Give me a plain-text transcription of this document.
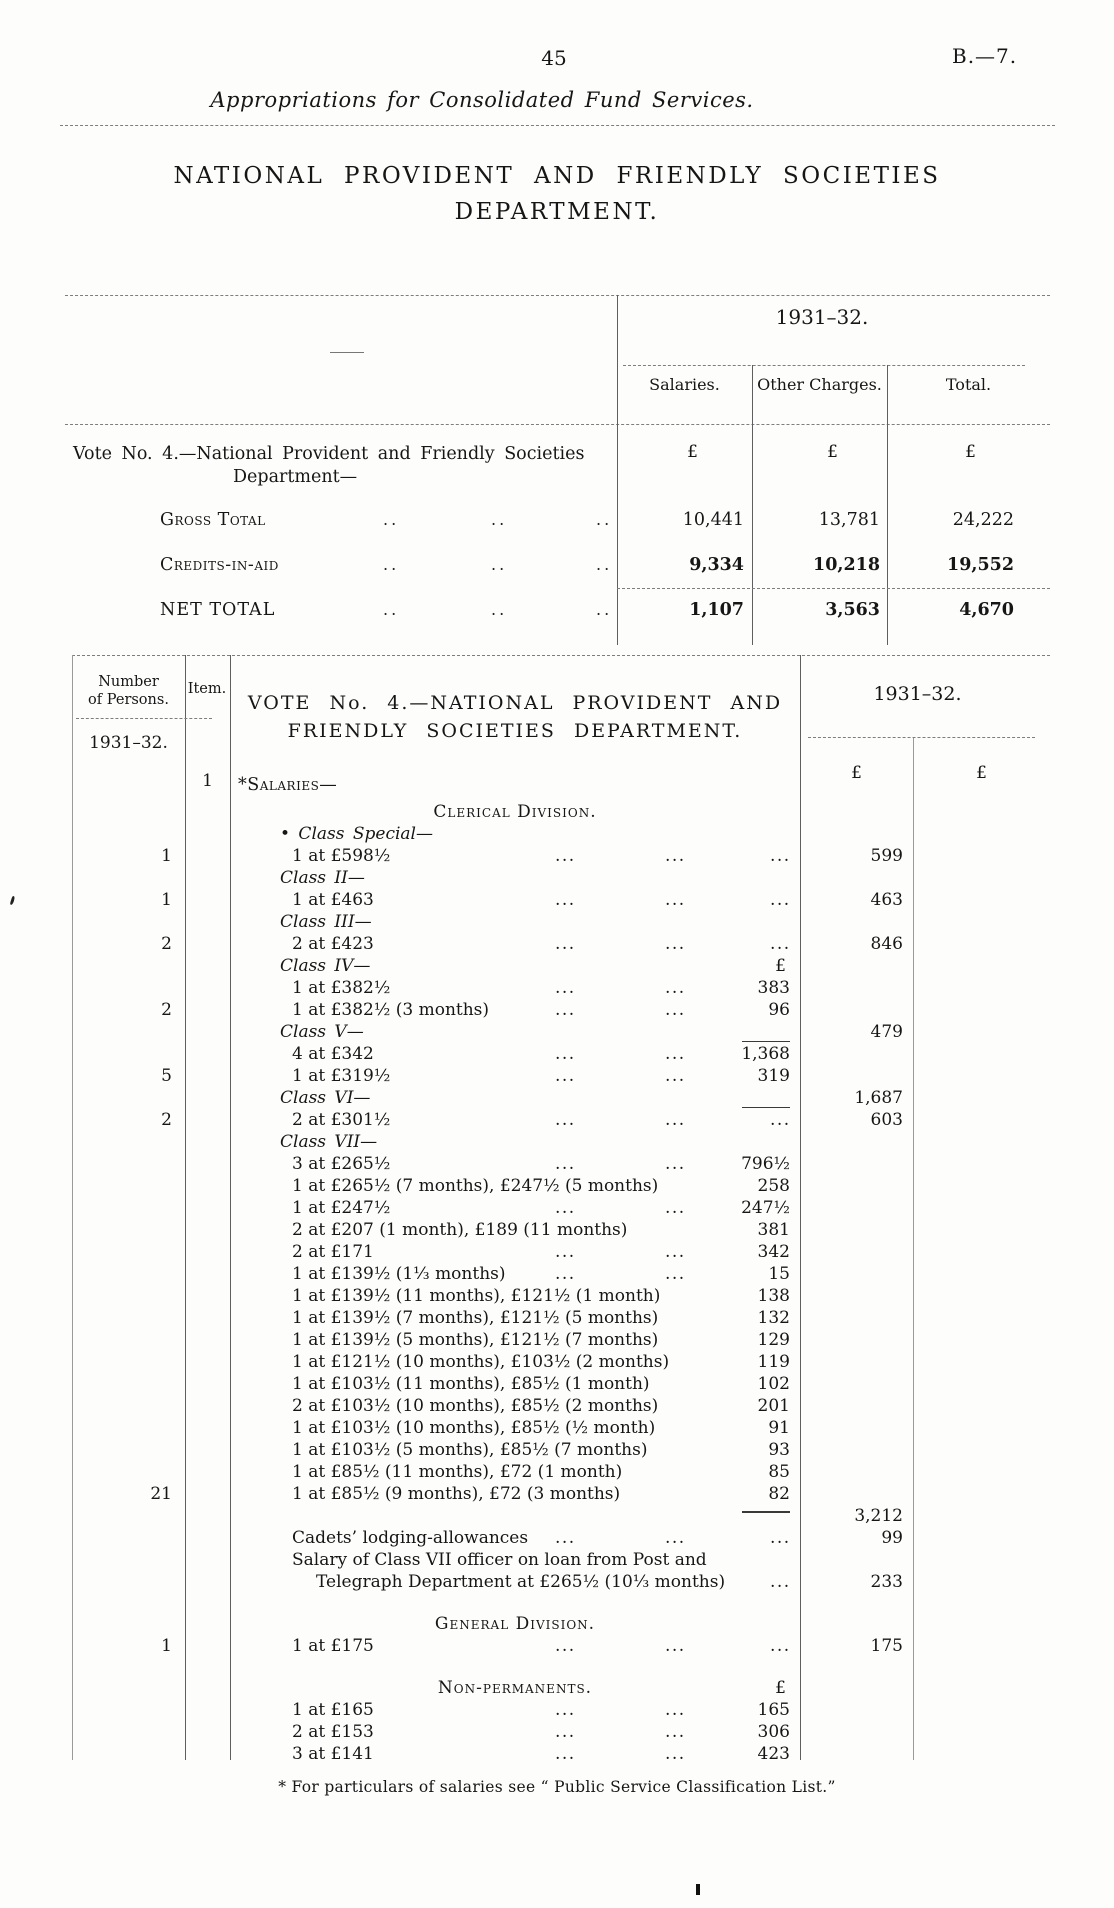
45	B.—7.
Appropriations for Consolidated Fund Services.
NATIONAL PROVIDENT AND FRIENDLY SOCIETIES
DEPARTMENT.
1931–32.
Salaries.	Other Charges.	Total.
Vote No. 4.—National Provident and Friendly Societies
Department—
£	£	£
Gross Total	..	..	..	10,441	13,781	24,222
Credits-in-aid	..	..	..	9,334	10,218	19,552
NET TOTAL	..	..	..	1,107	3,563	4,670
Number
of Persons.
1931–32.
Item.
VOTE No. 4.—NATIONAL PROVIDENT AND
FRIENDLY SOCIETIES DEPARTMENT.
1931–32.
£	£
1	*Salaries—
Clerical Division.
• Class Special—
1	1 at £598½	...	...	...	599
Class II—
1	1 at £463	...	...	...	463
Class III—
2	2 at £423	...	...	...	846
Class IV—	£
1 at £382½	...	...	383
2	1 at £382½ (3 months)	...	...	96
Class V—	479
4 at £342	...	...	1,368
5	1 at £319½	...	...	319
Class VI—	1,687
2	2 at £301½	...	...	...	603
Class VII—
3 at £265½	...	...	796½
1 at £265½ (7 months), £247½ (5 months)	258
1 at £247½	...	...	247½
2 at £207 (1 month), £189 (11 months)	381
2 at £171	...	...	342
1 at £139½ (1⅓ months)	...	...	15
1 at £139½ (11 months), £121½ (1 month)	138
1 at £139½ (7 months), £121½ (5 months)	132
1 at £139½ (5 months), £121½ (7 months)	129
1 at £121½ (10 months), £103½ (2 months)	119
1 at £103½ (11 months), £85½ (1 month)	102
2 at £103½ (10 months), £85½ (2 months)	201
1 at £103½ (10 months), £85½ (½ month)	91
1 at £103½ (5 months), £85½ (7 months)	93
1 at £85½ (11 months), £72 (1 month)	85
21	1 at £85½ (9 months), £72 (3 months)	82
3,212
Cadets’ lodging-allowances ...	...	...	99
Salary of Class VII officer on loan from Post and
Telegraph Department at £265½ (10⅓ months)	...	233
General Division.
1	1 at £175	...	...	...	175
Non-permanents.	£
1 at £165	...	...	165
2 at £153	...	...	306
3 at £141	...	...	423
* For particulars of salaries see “ Public Service Classification List.”
